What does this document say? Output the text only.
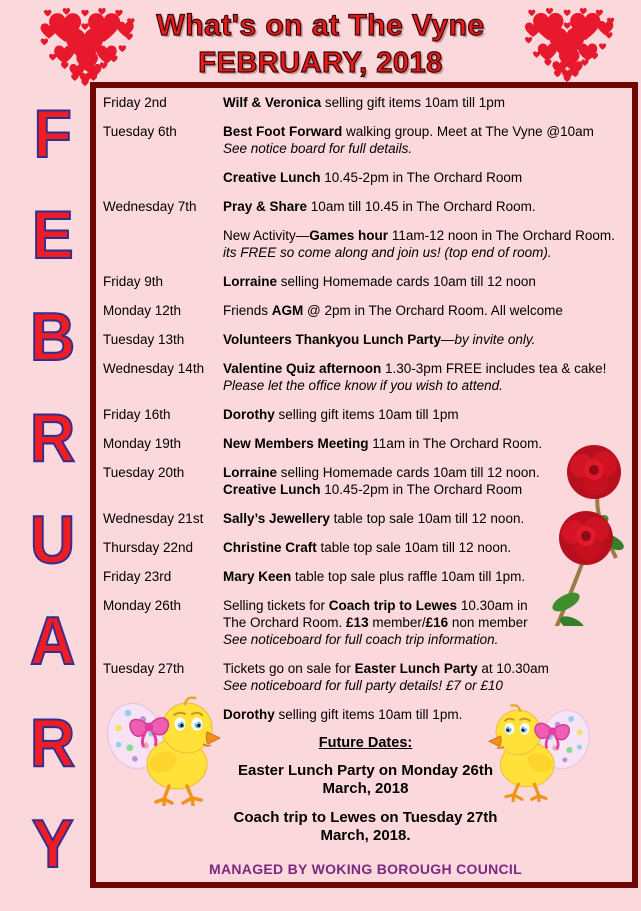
What's on at The Vyne
FEBRUARY, 2018
F
E
B
R
U
A
R
Y
Friday 2nd	Wilf & Veronica selling gift items 10am till 1pm
Tuesday 6th	Best Foot Forward walking group. Meet at The Vyne @10am
See notice board for full details.
Creative Lunch 10.45-2pm in The Orchard Room
Wednesday 7th	Pray & Share 10am till 10.45 in The Orchard Room.
New Activity—Games hour 11am-12 noon in The Orchard Room.
its FREE so come along and join us! (top end of room).
Friday 9th	Lorraine selling Homemade cards 10am till 12 noon
Monday 12th	Friends AGM @ 2pm in The Orchard Room. All welcome
Tuesday 13th	Volunteers Thankyou Lunch Party—by invite only.
Wednesday 14th	Valentine Quiz afternoon 1.30-3pm FREE includes tea & cake!
Please let the office know if you wish to attend.
Friday 16th	Dorothy selling gift items 10am till 1pm
Monday 19th	New Members Meeting 11am in The Orchard Room.
Tuesday 20th	Lorraine selling Homemade cards 10am till 12 noon.
Creative Lunch 10.45-2pm in The Orchard Room
Wednesday 21st	Sally’s Jewellery table top sale 10am till 12 noon.
Thursday 22nd	Christine Craft table top sale 10am till 12 noon.
Friday 23rd	Mary Keen table top sale plus raffle 10am till 1pm.
Monday 26th	Selling tickets for Coach trip to Lewes 10.30am in
The Orchard Room. £13 member/£16 non member
See noticeboard for full coach trip information.
Tuesday 27th	Tickets go on sale for Easter Lunch Party at 10.30am
See noticeboard for full party details! £7 or £10
Dorothy selling gift items 10am till 1pm.
Future Dates:
Easter Lunch Party on Monday 26th
March, 2018
Coach trip to Lewes on Tuesday 27th
March, 2018.
MANAGED BY WOKING BOROUGH COUNCIL
